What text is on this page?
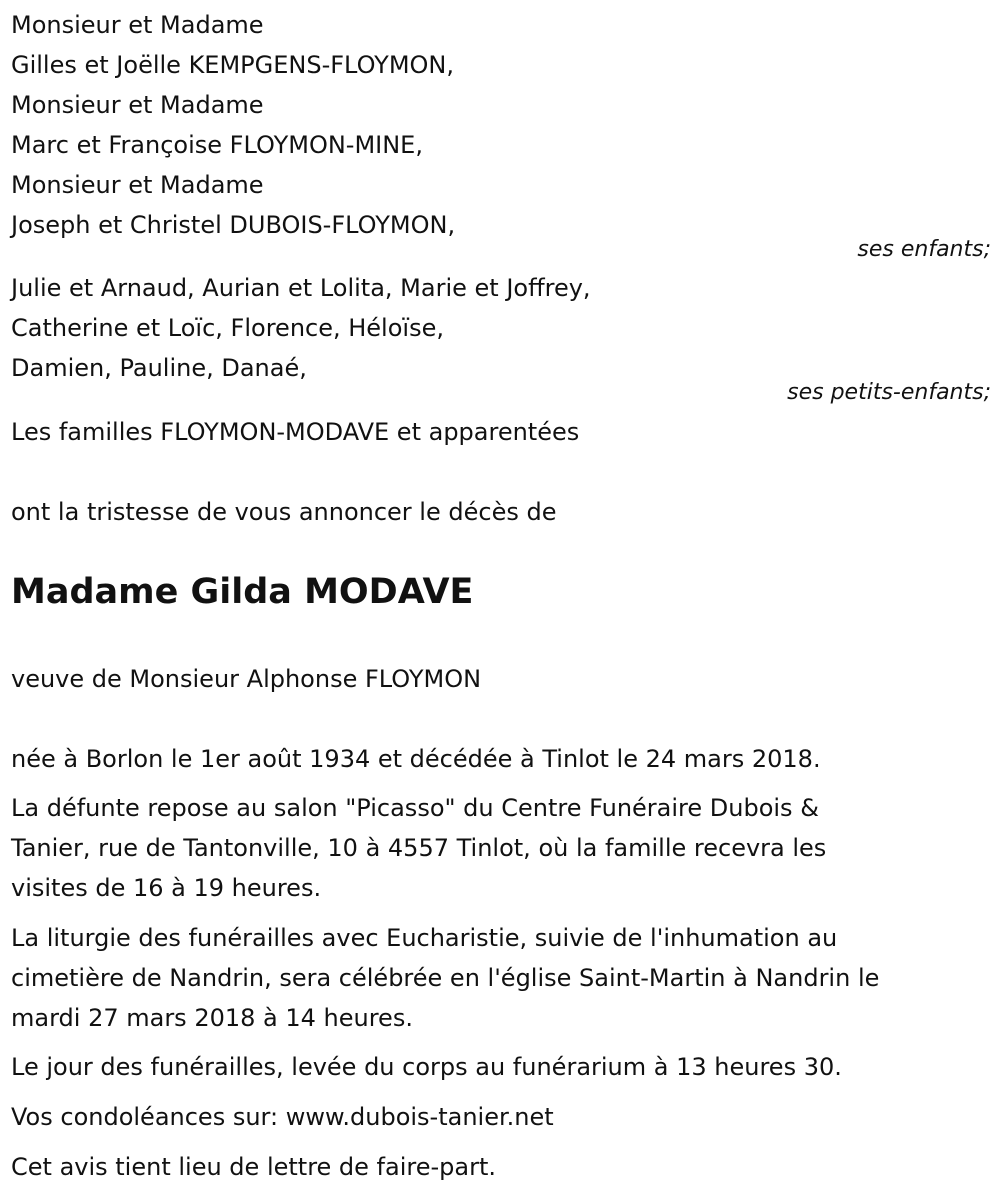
Monsieur et Madame
Gilles et Joëlle KEMPGENS-FLOYMON,
Monsieur et Madame
Marc et Françoise FLOYMON-MINE,
Monsieur et Madame
Joseph et Christel DUBOIS-FLOYMON,
ses enfants;
Julie et Arnaud, Aurian et Lolita, Marie et Joffrey,
Catherine et Loïc, Florence, Héloïse,
Damien, Pauline, Danaé,
ses petits-enfants;
Les familles FLOYMON-MODAVE et apparentées
ont la tristesse de vous annoncer le décès de
Madame Gilda MODAVE
veuve de Monsieur Alphonse FLOYMON
née à Borlon le 1er août 1934 et décédée à Tinlot le 24 mars 2018.
La défunte repose au salon "Picasso" du Centre Funéraire Dubois &
Tanier, rue de Tantonville, 10 à 4557 Tinlot, où la famille recevra les
visites de 16 à 19 heures.
La liturgie des funérailles avec Eucharistie, suivie de l'inhumation au
cimetière de Nandrin, sera célébrée en l'église Saint-Martin à Nandrin le
mardi 27 mars 2018 à 14 heures.
Le jour des funérailles, levée du corps au funérarium à 13 heures 30.
Vos condoléances sur: www.dubois-tanier.net
Cet avis tient lieu de lettre de faire-part.
